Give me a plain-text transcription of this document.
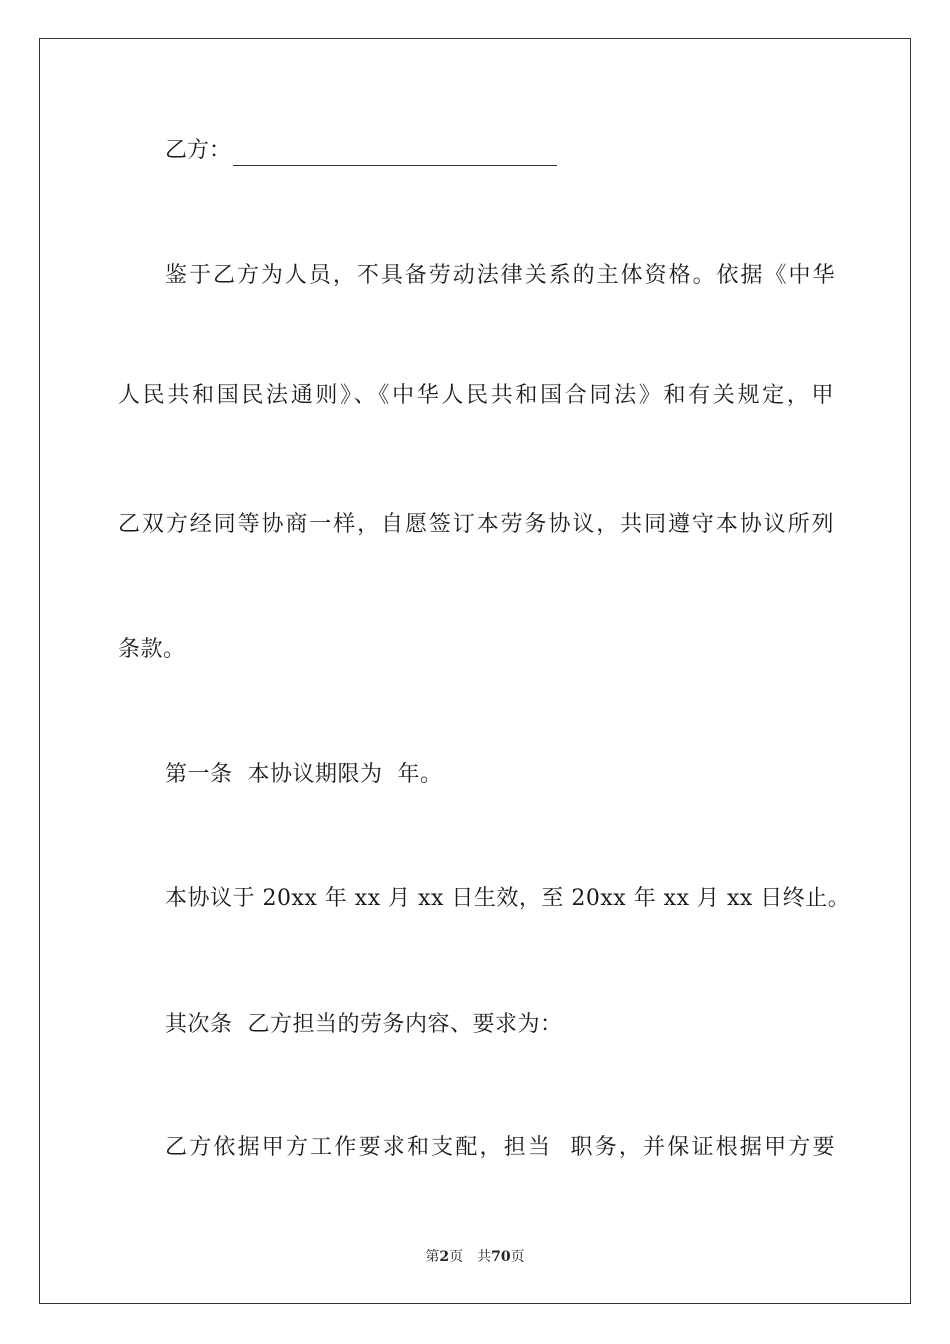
乙方：
鉴于乙方为人员，不具备劳动法律关系的主体资格。依据《中华
人民共和国民法通则》、《中华人民共和国合同法》和有关规定，甲
乙双方经同等协商一样，自愿签订本劳务协议，共同遵守本协议所列
条款。
第一条  本协议期限为  年。
本协议于 20xx 年 xx 月 xx 日生效，至 20xx 年 xx 月 xx 日终止。
其次条  乙方担当的劳务内容、要求为：
乙方依据甲方工作要求和支配，担当  职务，并保证根据甲方要
第2页 共70页
